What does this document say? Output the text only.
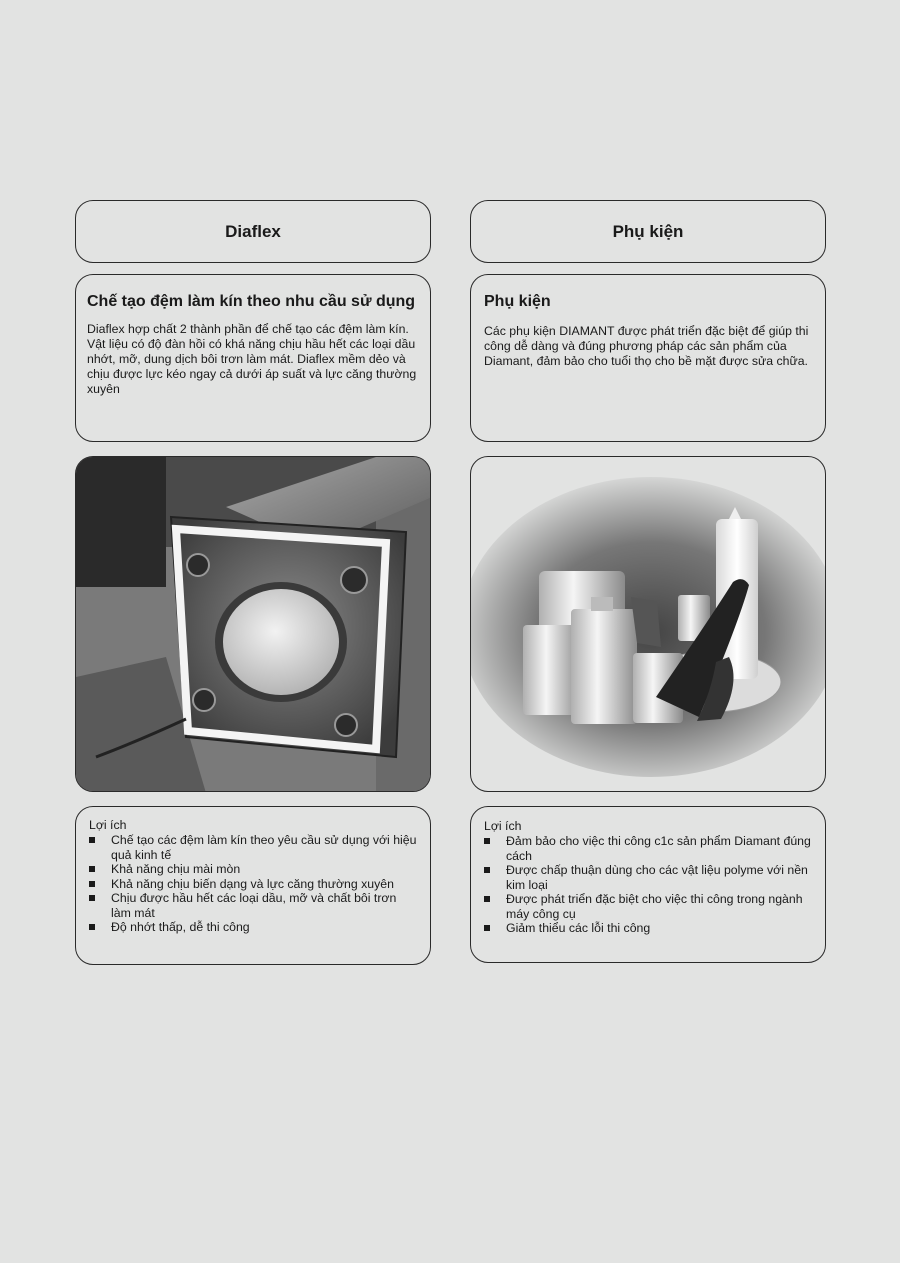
Diaflex
Chế tạo đệm làm kín theo nhu cầu sử dụng

Diaflex hợp chất 2 thành phần để chế tạo các đệm làm kín. Vật liệu có độ đàn hồi có khá năng chịu hầu hết các loại dầu nhớt, mỡ, dung dịch bôi trơn làm mát. Diaflex mềm dẻo và chịu được lực kéo ngay cả dưới áp suất và lực căng thường xuyên

Lợi ích
Chế tạo các đệm làm kín theo yêu cầu sử dụng với hiệu quả kinh tế
Khả năng chịu mài mòn
Khả năng chịu biến dạng và lực căng thường xuyên
Chịu được hầu hết các loại dầu, mỡ và chất bôi trơn làm mát
Độ nhớt thấp, dễ thi công
Phụ kiện
Phụ kiện

Các phụ kiện DIAMANT được phát triển đặc biệt để giúp thi công dễ dàng và đúng phương pháp các sản phẩm của Diamant, đảm bảo cho tuổi thọ cho bề mặt được sửa chữa.

Lợi ích
Đảm bảo cho việc thi công c1c sản phẩm Diamant đúng cách
Được chấp thuận dùng cho các vật liệu polyme với nền kim loại
Được phát triển đặc biệt cho việc thi công trong ngành máy công cụ
Giảm thiểu các lỗi thi công
